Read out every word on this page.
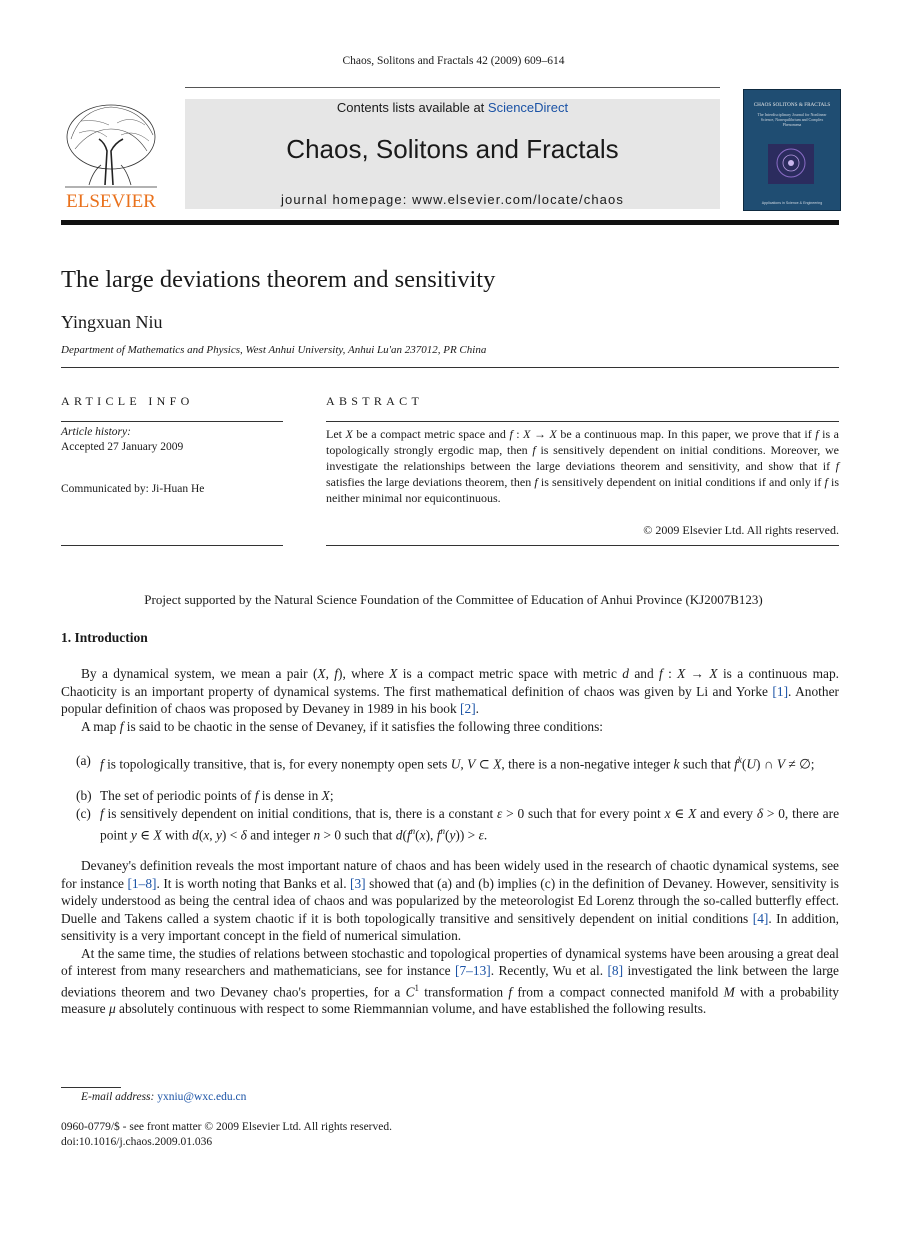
Chaos, Solitons and Fractals 42 (2009) 609–614
ELSEVIER
Contents lists available at ScienceDirect
Chaos, Solitons and Fractals
journal homepage: www.elsevier.com/locate/chaos
CHAOS SOLITONS & FRACTALS
The Interdisciplinary Journal for Nonlinear Science, Nonequilibrium and Complex Phenomena
Applications in Science & Engineering
The large deviations theorem and sensitivity
Yingxuan Niu
Department of Mathematics and Physics, West Anhui University, Anhui Lu'an 237012, PR China
ARTICLE INFO
Article history:
Accepted 27 January 2009
Communicated by: Ji-Huan He
ABSTRACT

Let X be a compact metric space and f : X → X be a continuous map. In this paper, we prove that if f is a topologically strongly ergodic map, then f is sensitively dependent on initial conditions. Moreover, we investigate the relationships between the large deviations theorem and sensitivity, and show that if f satisfies the large deviations theorem, then f is sensitively dependent on initial conditions if and only if f is neither minimal nor equicontinuous.

© 2009 Elsevier Ltd. All rights reserved.
Project supported by the Natural Science Foundation of the Committee of Education of Anhui Province (KJ2007B123)
1. Introduction

By a dynamical system, we mean a pair (X, f), where X is a compact metric space with metric d and f : X → X is a continuous map. Chaoticity is an important property of dynamical systems. The first mathematical definition of chaos was given by Li and Yorke [1]. Another popular definition of chaos was proposed by Devaney in 1989 in his book [2].

A map f is said to be chaotic in the sense of Devaney, if it satisfies the following three conditions:

(a) f is topologically transitive, that is, for every nonempty open sets U, V ⊂ X, there is a non-negative integer k such that $f^k(U)$ ∩ V ≠ ∅;
(b) The set of periodic points of f is dense in X;
(c) f is sensitively dependent on initial conditions, that is, there is a constant ε > 0 such that for every point x ∈ X and every δ > 0, there are point y ∈ X with d(x, y) < δ and integer n > 0 such that $d(f^n(x)$, $f^n(y)) > \varepsilon$.

Devaney's definition reveals the most important nature of chaos and has been widely used in the research of chaotic dynamical systems, see for instance [1–8]. It is worth noting that Banks et al. [3] showed that (a) and (b) implies (c) in the definition of Devaney. However, sensitivity is widely understood as being the central idea of chaos and was popularized by the meteorologist Ed Lorenz through the so-called butterfly effect. Duelle and Takens called a system chaotic if it is both topologically transitive and sensitively dependent on initial conditions [4]. In addition, sensitivity is a very important concept in the field of numerical simulation.

At the same time, the studies of relations between stochastic and topological properties of dynamical systems have been arousing a great deal of interest from many researchers and mathematicians, see for instance [7–13]. Recently, Wu et al. [8] investigated the link between the large deviations theorem and two Devaney chao's properties, for a $C^1$ transformation f from a compact connected manifold M with a probability measure μ absolutely continuous with respect to some Riemmannian volume, and have established the following results.

E-mail address: yxniu@wxc.edu.cn
0960-0779/$ - see front matter © 2009 Elsevier Ltd. All rights reserved.
doi:10.1016/j.chaos.2009.01.036
